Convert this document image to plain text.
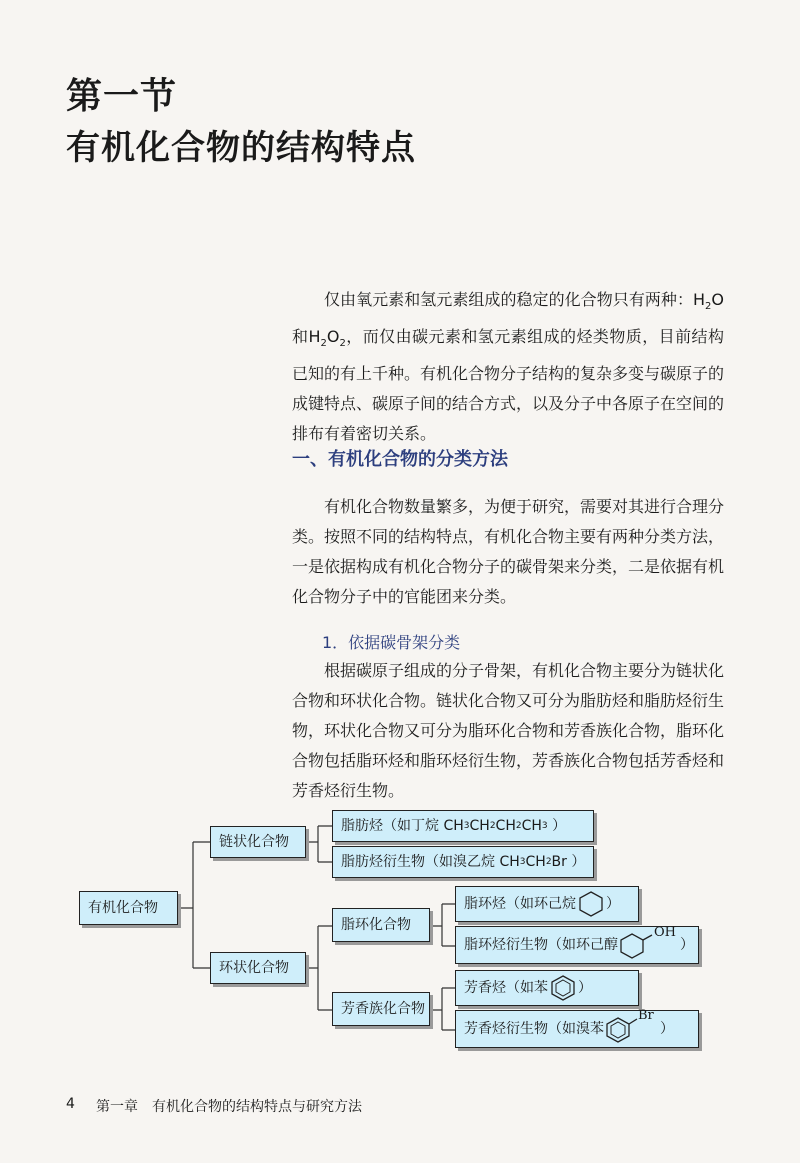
第一节
有机化合物的结构特点

仅由氧元素和氢元素组成的稳定的化合物只有两种：$H_2O$和$H_2O_2$，而仅由碳元素和氢元素组成的烃类物质，目前结构已知的有上千种。有机化合物分子结构的复杂多变与碳原子的成键特点、碳原子间的结合方式，以及分子中各原子在空间的排布有着密切关系。

一、有机化合物的分类方法

有机化合物数量繁多，为便于研究，需要对其进行合理分类。按照不同的结构特点，有机化合物主要有两种分类方法，一是依据构成有机化合物分子的碳骨架来分类，二是依据有机化合物分子中的官能团来分类。

1．依据碳骨架分类

根据碳原子组成的分子骨架，有机化合物主要分为链状化合物和环状化合物。链状化合物又可分为脂肪烃和脂肪烃衍生物，环状化合物又可分为脂环化合物和芳香族化合物，脂环化合物包括脂环烃和脂环烃衍生物，芳香族化合物包括芳香烃和芳香烃衍生物。

有机化合物
链状化合物
环状化合物
脂肪烃（如丁烷 CH 3 CH 2 CH 2 CH 3
）
脂肪烃衍生物（如溴乙烷 CH 3 CH 2 Br ）
脂环化合物
芳香族化合物
脂环烃（如环己烷 ）
脂环烃衍生物（如环己醇
OH
）
芳香烃（如苯 ）
芳香烃衍生物（如溴苯
Br
）
4 第一章　有机化合物的结构特点与研究方法
